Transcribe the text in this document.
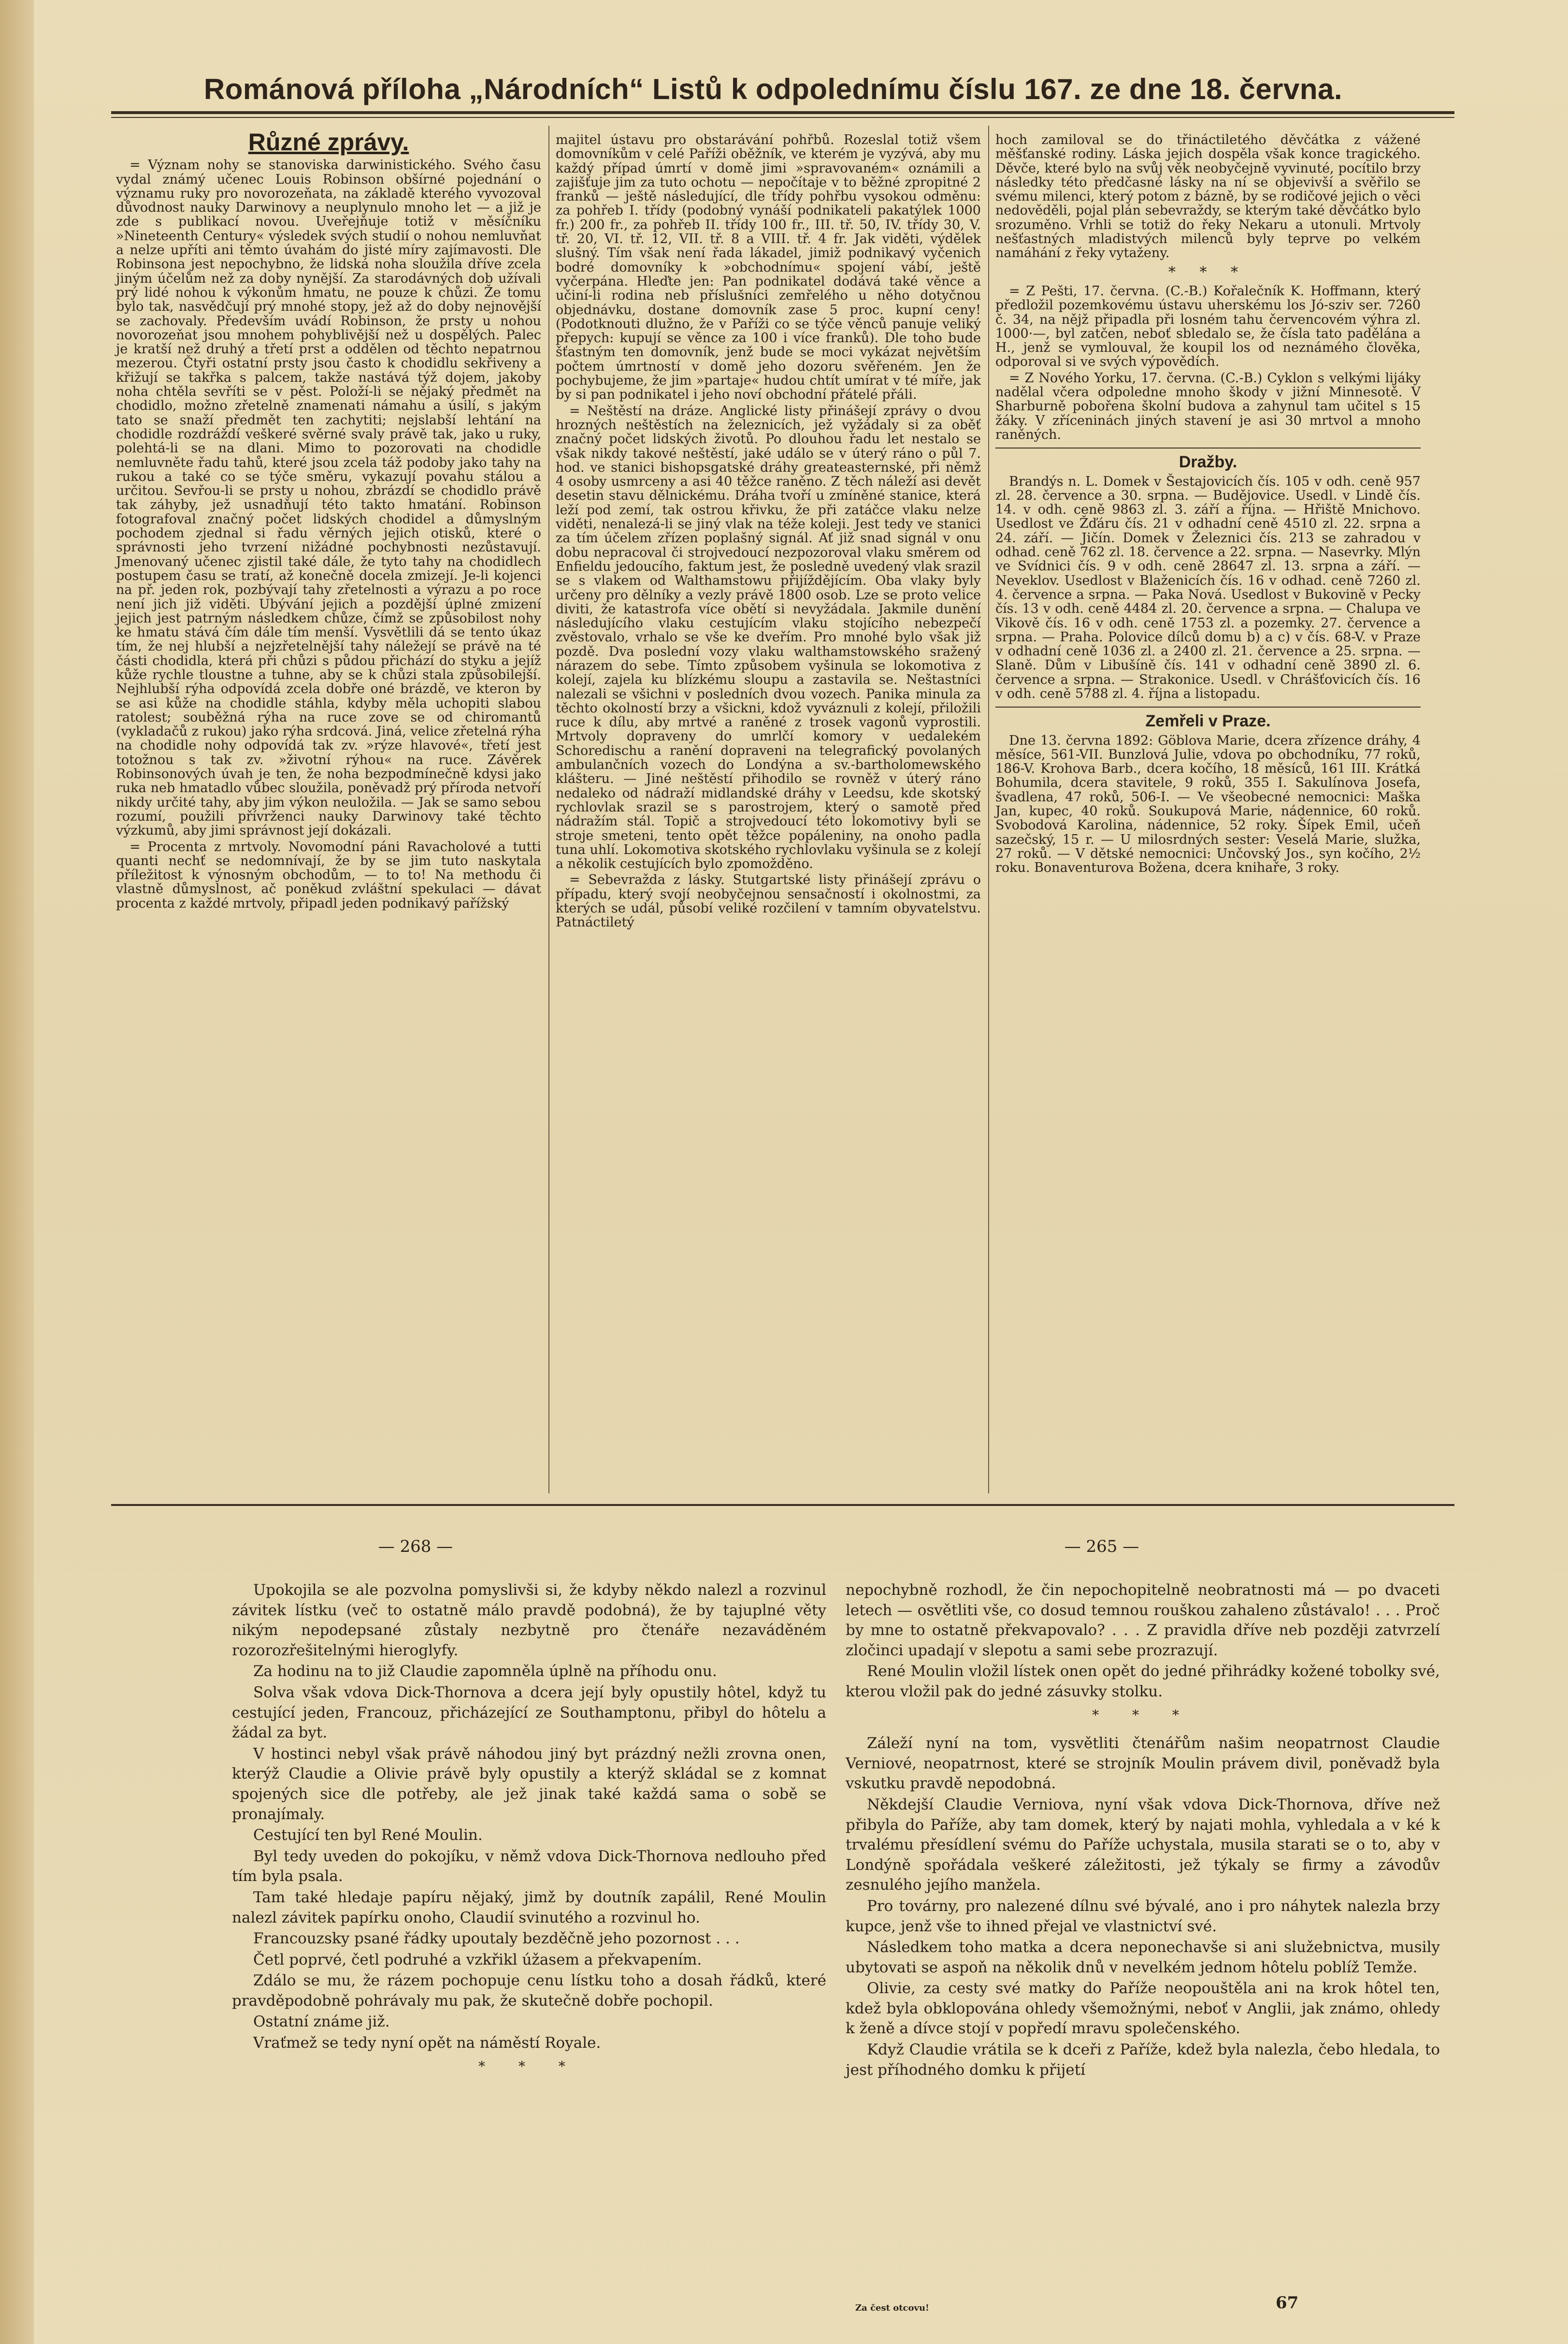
Románová příloha „Národních“ Listů k odpolednímu číslu 167. ze dne 18. června.
Různé zprávy.

= Význam nohy se stanoviska darwinistického. Svého času vydal známý učenec Louis Robinson obšírné pojednání o významu ruky pro novorozeňata, na základě kterého vyvozoval důvodnost nauky Darwinovy a neuplynulo mnoho let — a již je zde s publikací novou. Uveřejňuje totiž v měsíčníku »Nineteenth Century« výsledek svých studií o nohou nemluvňat a nelze upříti ani těmto úvahám do jisté míry zajímavosti. Dle Robinsona jest nepochybno, že lidská noha sloužila dříve zcela jiným účelům než za doby nynější. Za starodávných dob užívali prý lidé nohou k výkonům hmatu, ne pouze k chůzi. Že tomu bylo tak, nasvědčují prý mnohé stopy, jež až do doby nejnovější se zachovaly. Především uvádí Robinson, že prsty u nohou novorozeňat jsou mnohem pohyblivější než u dospělých. Palec je kratší než druhý a třetí prst a oddělen od těchto nepatrnou mezerou. Čtyři ostatní prsty jsou často k chodidlu sekřiveny a křižují se takřka s palcem, takže nastává týž dojem, jakoby noha chtěla sevříti se v pěst. Položí-li se nějaký předmět na chodidlo, možno zřetelně znamenati námahu a úsilí, s jakým tato se snaží předmět ten zachytiti; nejslabší lehtání na chodidle rozdráždí veškeré svěrné svaly právě tak, jako u ruky, polehtá-li se na dlani. Mimo to pozorovati na chodidle nemluvněte řadu tahů, které jsou zcela táž podoby jako tahy na rukou a také co se týče směru, vykazují povahu stálou a určitou. Sevřou-li se prsty u nohou, zbrázdí se chodidlo právě tak záhyby, jež usnadňují této takto hmatání. Robinson fotografoval značný počet lidských chodidel a důmyslným pochodem zjednal si řadu věrných jejich otisků, které o správnosti jeho tvrzení nižádné pochybnosti nezůstavují. Jmenovaný učenec zjistil také dále, že tyto tahy na chodidlech postupem času se tratí, až konečně docela zmizejí. Je-li kojenci na př. jeden rok, pozbývají tahy zřetelnosti a výrazu a po roce není jich již viděti. Ubývání jejich a pozdější úplné zmizení jejich jest patrným následkem chůze, čímž se způsobilost nohy ke hmatu stává čím dále tím menší. Vysvětlili dá se tento úkaz tím, že nej hlubší a nejzřetelnější tahy náležejí se právě na té části chodidla, která při chůzi s půdou přichází do styku a jejíž kůže rychle tloustne a tuhne, aby se k chůzi stala způsobilejší. Nejhlubší rýha odpovídá zcela dobře oné brázdě, ve kteron by se asi kůže na chodidle stáhla, kdyby měla uchopiti slabou ratolest; souběžná rýha na ruce zove se od chiromantů (vykladačů z rukou) jako rýha srdcová. Jiná, velice zřetelná rýha na chodidle nohy odpovídá tak zv. »rýze hlavové«, třetí jest totožnou s tak zv. »životní rýhou« na ruce. Závěrek Robinsonových úvah je ten, že noha bezpodmínečně kdysi jako ruka neb hmatadlo vůbec sloužila, poněvadž prý příroda netvoří nikdy určité tahy, aby jim výkon neuložila. — Jak se samo sebou rozumí, použili přívrženci nauky Darwinovy také těchto výzkumů, aby jimi správnost její dokázali.

= Procenta z mrtvoly. Novomodní páni Ravacholové a tutti quanti nechť se nedomnívají, že by se jim tuto naskytala příležitost k výnosným obchodům, — to to! Na methodu či vlastně důmyslnost, ač poněkud zvláštní spekulaci — dávat procenta z každé mrtvoly, připadl jeden podnikavý pařížský

majitel ústavu pro obstarávání pohřbů. Rozeslal totiž všem domovníkům v celé Paříži oběžník, ve kterém je vyzývá, aby mu každý případ úmrtí v domě jimi »spravovaném« oznámili a zajišťuje jim za tuto ochotu — nepočítaje v to běžné zpropitné 2 franků — ještě následující, dle třídy pohřbu vysokou odměnu: za pohřeb I. třídy (podobný vynáší podnikateli pakatýlek 1000 fr.) 200 fr., za pohřeb II. třídy 100 fr., III. tř. 50, IV. třídy 30, V. tř. 20, VI. tř. 12, VII. tř. 8 a VIII. tř. 4 fr. Jak viděti, výdělek slušný. Tím však není řada lákadel, jimiž podnikavý vyčenich bodré domovníky k »obchodnímu« spojení vábí, ještě vyčerpána. Hleďte jen: Pan podnikatel dodává také věnce a učiní-li rodina neb příslušníci zemřelého u něho dotyčnou objednávku, dostane domovník zase 5 proc. kupní ceny! (Podotknouti dlužno, že v Paříži co se týče věnců panuje veliký přepych: kupují se věnce za 100 i více franků). Dle toho bude šťastným ten domovník, jenž bude se moci vykázat největším počtem úmrtností v domě jeho dozoru svěřeném. Jen že pochybujeme, že jim »partaje« hudou chtít umírat v té míře, jak by si pan podnikatel i jeho noví obchodní přátelé přáli.

= Neštěstí na dráze. Anglické listy přinášejí zprávy o dvou hrozných neštěstích na železnicích, jež vyžádaly si za oběť značný počet lidských životů. Po dlouhou řadu let nestalo se však nikdy takové neštěstí, jaké událo se v úterý ráno o půl 7. hod. ve stanici bishopsgatské dráhy greateasternské, při němž 4 osoby usmrceny a asi 40 těžce raněno. Z těch náleží asi devět desetin stavu dělnickému. Dráha tvoří u zmíněné stanice, která leží pod zemí, tak ostrou křivku, že při zatáčce vlaku nelze viděti, nenalezá-li se jiný vlak na téže koleji. Jest tedy ve stanici za tím účelem zřízen poplašný signál. Ať již snad signál v onu dobu nepracoval či strojvedoucí nezpozoroval vlaku směrem od Enfieldu jedoucího, faktum jest, že posledně uvedený vlak srazil se s vlakem od Walthamstowu přijíždějícím. Oba vlaky byly určeny pro dělníky a vezly právě 1800 osob. Lze se proto velice diviti, že katastrofa více obětí si nevyžádala. Jakmile dunění následujícího vlaku cestujícím vlaku stojícího nebezpečí zvěstovalo, vrhalo se vše ke dveřím. Pro mnohé bylo však již pozdě. Dva poslední vozy vlaku walthamstowského sražený nárazem do sebe. Tímto způsobem vyšinula se lokomotiva z kolejí, zajela ku blízkému sloupu a zastavila se. Neštastníci nalezali se všichni v posledních dvou vozech. Panika minula za těchto okolností brzy a všickni, kdož vyváznuli z kolejí, přiložili ruce k dílu, aby mrtvé a raněné z trosek vagonů vyprostili. Mrtvoly dopraveny do umrlčí komory v uedalekém Schoredischu a ranění dopraveni na telegrafický povolaných ambulančních vozech do Londýna a sv.-bartholomewského klášteru. — Jiné neštěstí přihodilo se rovněž v úterý ráno nedaleko od nádraží midlandské dráhy v Leedsu, kde skotský rychlovlak srazil se s parostrojem, který o samotě před nádražím stál. Topič a strojvedoucí této lokomotivy byli se stroje smeteni, tento opět těžce popáleniny, na onoho padla tuna uhlí. Lokomotiva skotského rychlovlaku vyšinula se z kolejí a několik cestujících bylo zpomožděno.

= Sebevražda z lásky. Stutgartské listy přinášejí zprávu o případu, který svojí neobyčejnou sensačností i okolnostmi, za kterých se udál, působí veliké rozčilení v tamním obyvatelstvu. Patnáctiletý

hoch zamiloval se do třináctiletého děvčátka z vážené měšťanské rodiny. Láska jejich dospěla však konce tragického. Děvče, které bylo na svůj věk neobyčejně vyvinuté, pocítilo brzy následky této předčasné lásky na ní se objevivší a svěřilo se svému milenci, který potom z bázně, by se rodičové jejich o věci nedověděli, pojal plán sebevraždy, se kterým také děvčátko bylo srozuměno. Vrhli se totiž do řeky Nekaru a utonuli. Mrtvoly nešťastných mladistvých milenců byly teprve po velkém namáhání z řeky vytaženy.

* * *

= Z Pešti, 17. června. (C.-B.) Kořalečník K. Hoffmann, který předložil pozemkovému ústavu uherskému los Jó-sziv ser. 7260 č. 34, na nějž připadla při losném tahu červencovém výhra zl. 1000·—, byl zatčen, neboť sbledalo se, že čísla tato padělána a H., jenž se vymlouval, že koupil los od neznámého člověka, odporoval si ve svých výpovědích.

= Z Nového Yorku, 17. června. (C.-B.) Cyklon s velkými lijáky nadělal včera odpoledne mnoho škody v jižní Minnesotě. V Sharburně pobořena školní budova a zahynul tam učitel s 15 žáky. V zříceninách jiných stavení je asi 30 mrtvol a mnoho raněných.

Dražby.

Brandýs n. L. Domek v Šestajovicích čís. 105 v odh. ceně 957 zl. 28. července a 30. srpna. — Budějovice. Usedl. v Lindě čís. 14. v odh. ceně 9863 zl. 3. září a října. — Hřiště Mnichovo. Usedlost ve Žďáru čís. 21 v odhadní ceně 4510 zl. 22. srpna a 24. září. — Jičín. Domek v Železnici čís. 213 se zahradou v odhad. ceně 762 zl. 18. července a 22. srpna. — Nasevrky. Mlýn ve Svídnici čís. 9 v odh. ceně 28647 zl. 13. srpna a září. — Neveklov. Usedlost v Blaženicích čís. 16 v odhad. ceně 7260 zl. 4. července a srpna. — Paka Nová. Usedlost v Bukovině v Pecky čís. 13 v odh. ceně 4484 zl. 20. července a srpna. — Chalupa ve Vikově čís. 16 v odh. ceně 1753 zl. a pozemky. 27. července a srpna. — Praha. Polovice dílců domu b) a c) v čís. 68-V. v Praze v odhadní ceně 1036 zl. a 2400 zl. 21. července a 25. srpna. — Slaně. Dům v Libušíně čís. 141 v odhadní ceně 3890 zl. 6. července a srpna. — Strakonice. Usedl. v Chrášťovicích čís. 16 v odh. ceně 5788 zl. 4. října a listopadu.

Zemřeli v Praze.

Dne 13. června 1892: Göblova Marie, dcera zřízence dráhy, 4 měsíce, 561-VII. Bunzlová Julie, vdova po obchodníku, 77 roků, 186-V. Krohova Barb., dcera kočího, 18 měsíců, 161 III. Krátká Bohumila, dcera stavitele, 9 roků, 355 I. Sakulínova Josefa, švadlena, 47 roků, 506-I. — Ve všeobecné nemocnici: Maška Jan, kupec, 40 roků. Soukupová Marie, nádennice, 60 roků. Svobodová Karolina, nádennice, 52 roky. Šípek Emil, učeň sazečský, 15 r. — U milosrdných sester: Veselá Marie, služka, 27 roků. — V dětské nemocnici: Unčovský Jos., syn kočího, 2½ roku. Bonaventurova Božena, dcera knihaře, 3 roky.

— 268 —	— 265 —

Upokojila se ale pozvolna pomyslivši si, že kdyby někdo nalezl a rozvinul závitek lístku (več to ostatně málo pravdě podobná), že by tajuplné věty nikým nepodepsané zůstaly nezbytně pro čtenáře nezaváděném rozorozřešitelnými hieroglyfy.

Za hodinu na to již Claudie zapomněla úplně na příhodu onu.

Solva však vdova Dick-Thornova a dcera její byly opustily hôtel, když tu cestující jeden, Francouz, přicházející ze Southamptonu, přibyl do hôtelu a žádal za byt.

V hostinci nebyl však právě náhodou jiný byt prázdný nežli zrovna onen, kterýž Claudie a Olivie právě byly opustily a kterýž skládal se z komnat spojených sice dle potřeby, ale jež jinak také každá sama o sobě se pronajímaly.

Cestující ten byl René Moulin.

Byl tedy uveden do pokojíku, v němž vdova Dick-Thornova nedlouho před tím byla psala.

Tam také hledaje papíru nějaký, jimž by doutník zapálil, René Moulin nalezl závitek papírku onoho, Claudií svinutého a rozvinul ho.

Francouzsky psané řádky upoutaly bezděčně jeho pozornost . . .

Četl poprvé, četl podruhé a vzkřikl úžasem a překvapením.

Zdálo se mu, že rázem pochopuje cenu lístku toho a dosah řádků, které pravděpodobně pohrávaly mu pak, že skutečně dobře pochopil.

Ostatní známe již.

Vraťmež se tedy nyní opět na náměstí Royale.

* * *

nepochybně rozhodl, že čin nepochopitelně neobratnosti má — po dvaceti letech — osvětliti vše, co dosud temnou rouškou zahaleno zůstávalo! . . . Proč by mne to ostatně překvapovalo? . . . Z pravidla dříve neb později zatvrzelí zločinci upadají v slepotu a sami sebe prozrazují.

René Moulin vložil lístek onen opět do jedné přihrádky kožené tobolky své, kterou vložil pak do jedné zásuvky stolku.

* * *

Záleží nyní na tom, vysvětliti čtenářům našim neopatrnost Claudie Verniové, neopatrnost, které se strojník Moulin právem divil, poněvadž byla vskutku pravdě nepodobná.

Někdejší Claudie Verniova, nyní však vdova Dick-Thornova, dříve než přibyla do Paříže, aby tam domek, který by najati mohla, vyhledala a v ké k trvalému přesídlení svému do Paříže uchystala, musila starati se o to, aby v Londýně spořádala veškeré záležitosti, jež týkaly se firmy a závodův zesnulého jejího manžela.

Pro továrny, pro nalezené dílnu své bývalé, ano i pro náhytek nalezla brzy kupce, jenž vše to ihned přejal ve vlastnictví své.

Následkem toho matka a dcera neponechavše si ani služebnictva, musily ubytovati se aspoň na několik dnů v nevelkém jednom hôtelu poblíž Temže.

Olivie, za cesty své matky do Paříže neopouštěla ani na krok hôtel ten, kdež byla obklopována ohledy všemožnými, neboť v Anglii, jak známo, ohledy k ženě a dívce stojí v popředí mravu společenského.

Když Claudie vrátila se k dceři z Paříže, kdež byla nalezla, čebo hledala, to jest příhodného domku k přijetí

Za čest otcovu!	67
